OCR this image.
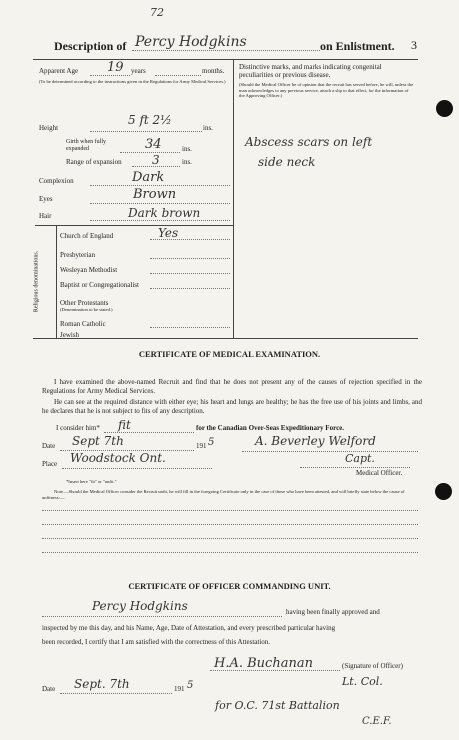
72
Description of Percy Hodgkins	on Enlistment. 3
Apparent Age 19 years	months.
(To be determined according to the instructions given in the Regulations for Army Medical Services.)
Height
5 ft 2½
ins.
Girth when fully expanded	34	ins.
Range of expansion	3	ins.
Complexion	Dark
Eyes	Brown
Hair	Dark brown
Religious denominations.
Church of England	Yes
Presbyterian
Wesleyan Methodist
Baptist or Congregationalist
Other Protestants
(Denomination to be stated.)
Roman Catholic
Jewish
Distinctive marks, and marks indicating congenital peculiarities or previous disease.
(Should the Medical Officer be of opinion that the recruit has served before, he will, unless the man acknowledges to any previous service, attach a slip to that effect, for the information of the Approving Officer.)
Abscess scars on left
side neck
CERTIFICATE OF MEDICAL EXAMINATION.
I have examined the above-named Recruit and find that he does not present any of the causes of rejection specified in the Regulations for Army Medical Services.
He can see at the required distance with either eye; his heart and lungs are healthy; he has the free use of his joints and limbs, and he declares that he is not subject to fits of any description.
I consider him* fit	for the Canadian Over-Seas Expeditionary Force.
Date Sept 7th	191 5	A. Beverley Welford
Place Woodstock Ont.	Capt.
Medical Officer.
*Insert here "fit" or "unfit."
Note.—Should the Medical Officer consider the Recruit unfit, he will fill in the foregoing Certificate only in the case of those who have been attested, and will briefly state below the cause of unfitness:—
CERTIFICATE OF OFFICER COMMANDING UNIT.
Percy Hodgkins	having been finally approved and
inspected by me this day, and his Name, Age, Date of Attestation, and every prescribed particular having
been recorded, I certify that I am satisfied with the correctness of this Attestation.
H.A. Buchanan	(Signature of Officer)
Lt. Col.
Date Sept. 7th	191 5
for O.C. 71st Battalion
C.E.F.
